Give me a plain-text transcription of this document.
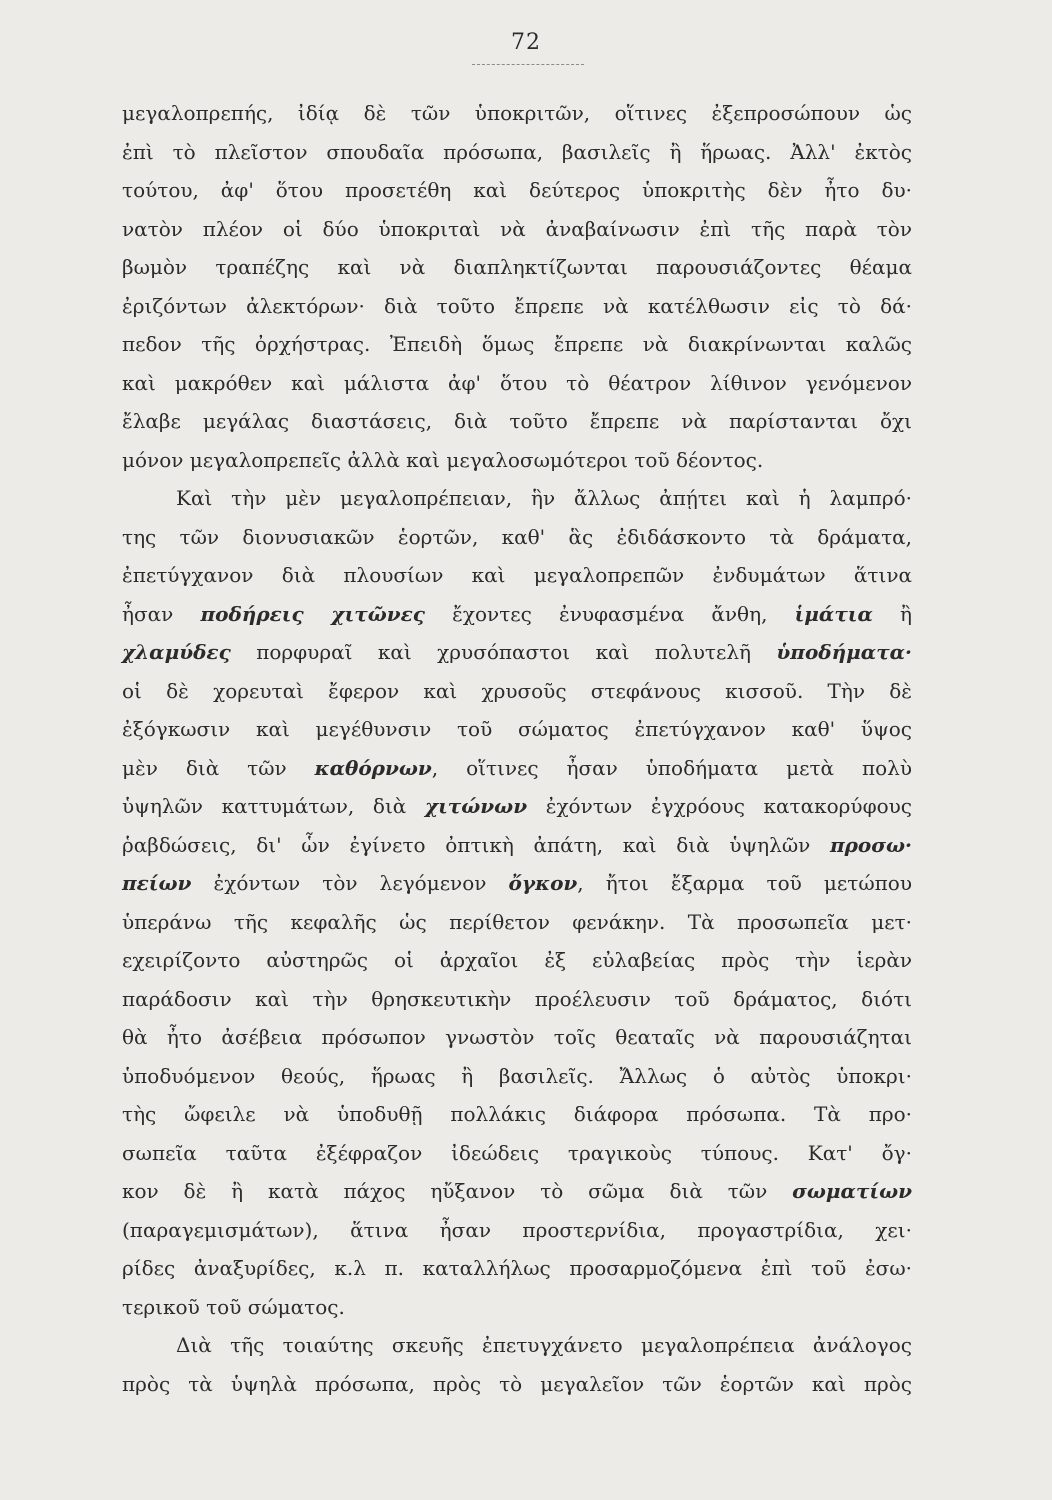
72
μεγαλοπρεπής, ἰδίᾳ δὲ τῶν ὑποκριτῶν, οἵτινες ἐξεπροσώπουν ὡς
ἐπὶ τὸ πλεῖστον σπουδαῖα πρόσωπα, βασιλεῖς ἢ ἥρωας. Ἀλλ' ἐκτὸς
τούτου, ἀφ' ὅτου προσετέθη καὶ δεύτερος ὑποκριτὴς δὲν ἦτο δυ·
νατὸν πλέον οἱ δύο ὑποκριταὶ νὰ ἀναβαίνωσιν ἐπὶ τῆς παρὰ τὸν
βωμὸν τραπέζης καὶ νὰ διαπληκτίζωνται παρουσιάζοντες θέαμα
ἐριζόντων ἀλεκτόρων· διὰ τοῦτο ἔπρεπε νὰ κατέλθωσιν εἰς τὸ δά·
πεδον τῆς ὀρχήστρας. Ἐπειδὴ ὅμως ἔπρεπε νὰ διακρίνωνται καλῶς
καὶ μακρόθεν καὶ μάλιστα ἀφ' ὅτου τὸ θέατρον λίθινον γενόμενον
ἔλαβε μεγάλας διαστάσεις, διὰ τοῦτο ἔπρεπε νὰ παρίστανται ὄχι
μόνον μεγαλοπρεπεῖς ἀλλὰ καὶ μεγαλοσωμότεροι τοῦ δέοντος.
Καὶ τὴν μὲν μεγαλοπρέπειαν, ἣν ἄλλως ἀπῄτει καὶ ἡ λαμπρό·
της τῶν διονυσιακῶν ἑορτῶν, καθ' ἃς ἐδιδάσκοντο τὰ δράματα,
ἐπετύγχανον διὰ πλουσίων καὶ μεγαλοπρεπῶν ἐνδυμάτων ἅτινα
ἦσαν ποδήρεις χιτῶνες ἔχοντες ἐνυφασμένα ἄνθη, ἱμάτια ἢ
χλαμύδες πορφυραῖ καὶ χρυσόπαστοι καὶ πολυτελῆ ὑποδήματα·
οἱ δὲ χορευταὶ ἔφερον καὶ χρυσοῦς στεφάνους κισσοῦ. Τὴν δὲ
ἐξόγκωσιν καὶ μεγέθυνσιν τοῦ σώματος ἐπετύγχανον καθ' ὕψος
μὲν διὰ τῶν καθόρνων, οἵτινες ἦσαν ὑποδήματα μετὰ πολὺ
ὑψηλῶν καττυμάτων, διὰ χιτώνων ἐχόντων ἐγχρόους κατακορύφους
ῥαβδώσεις, δι' ὧν ἐγίνετο ὀπτικὴ ἀπάτη, καὶ διὰ ὑψηλῶν προσω·
πείων ἐχόντων τὸν λεγόμενον ὄγκον, ἤτοι ἔξαρμα τοῦ μετώπου
ὑπεράνω τῆς κεφαλῆς ὡς περίθετον φενάκην. Τὰ προσωπεῖα μετ·
εχειρίζοντο αὐστηρῶς οἱ ἀρχαῖοι ἐξ εὐλαβείας πρὸς τὴν ἱερὰν
παράδοσιν καὶ τὴν θρησκευτικὴν προέλευσιν τοῦ δράματος, διότι
θὰ ἦτο ἀσέβεια πρόσωπον γνωστὸν τοῖς θεαταῖς νὰ παρουσιάζηται
ὑποδυόμενον θεούς, ἥρωας ἢ βασιλεῖς. Ἄλλως ὁ αὐτὸς ὑποκρι·
τὴς ὤφειλε νὰ ὑποδυθῇ πολλάκις διάφορα πρόσωπα. Τὰ προ·
σωπεῖα ταῦτα ἐξέφραζον ἰδεώδεις τραγικοὺς τύπους. Κατ' ὄγ·
κον δὲ ἢ κατὰ πάχος ηὔξανον τὸ σῶμα διὰ τῶν σωματίων
(παραγεμισμάτων), ἅτινα ἦσαν προστερνίδια, προγαστρίδια, χει·
ρίδες ἀναξυρίδες, κ.λ π. καταλλήλως προσαρμοζόμενα ἐπὶ τοῦ ἐσω·
τερικοῦ τοῦ σώματος.
Διὰ τῆς τοιαύτης σκευῆς ἐπετυγχάνετο μεγαλοπρέπεια ἀνάλογος
πρὸς τὰ ὑψηλὰ πρόσωπα, πρὸς τὸ μεγαλεῖον τῶν ἑορτῶν καὶ πρὸς
